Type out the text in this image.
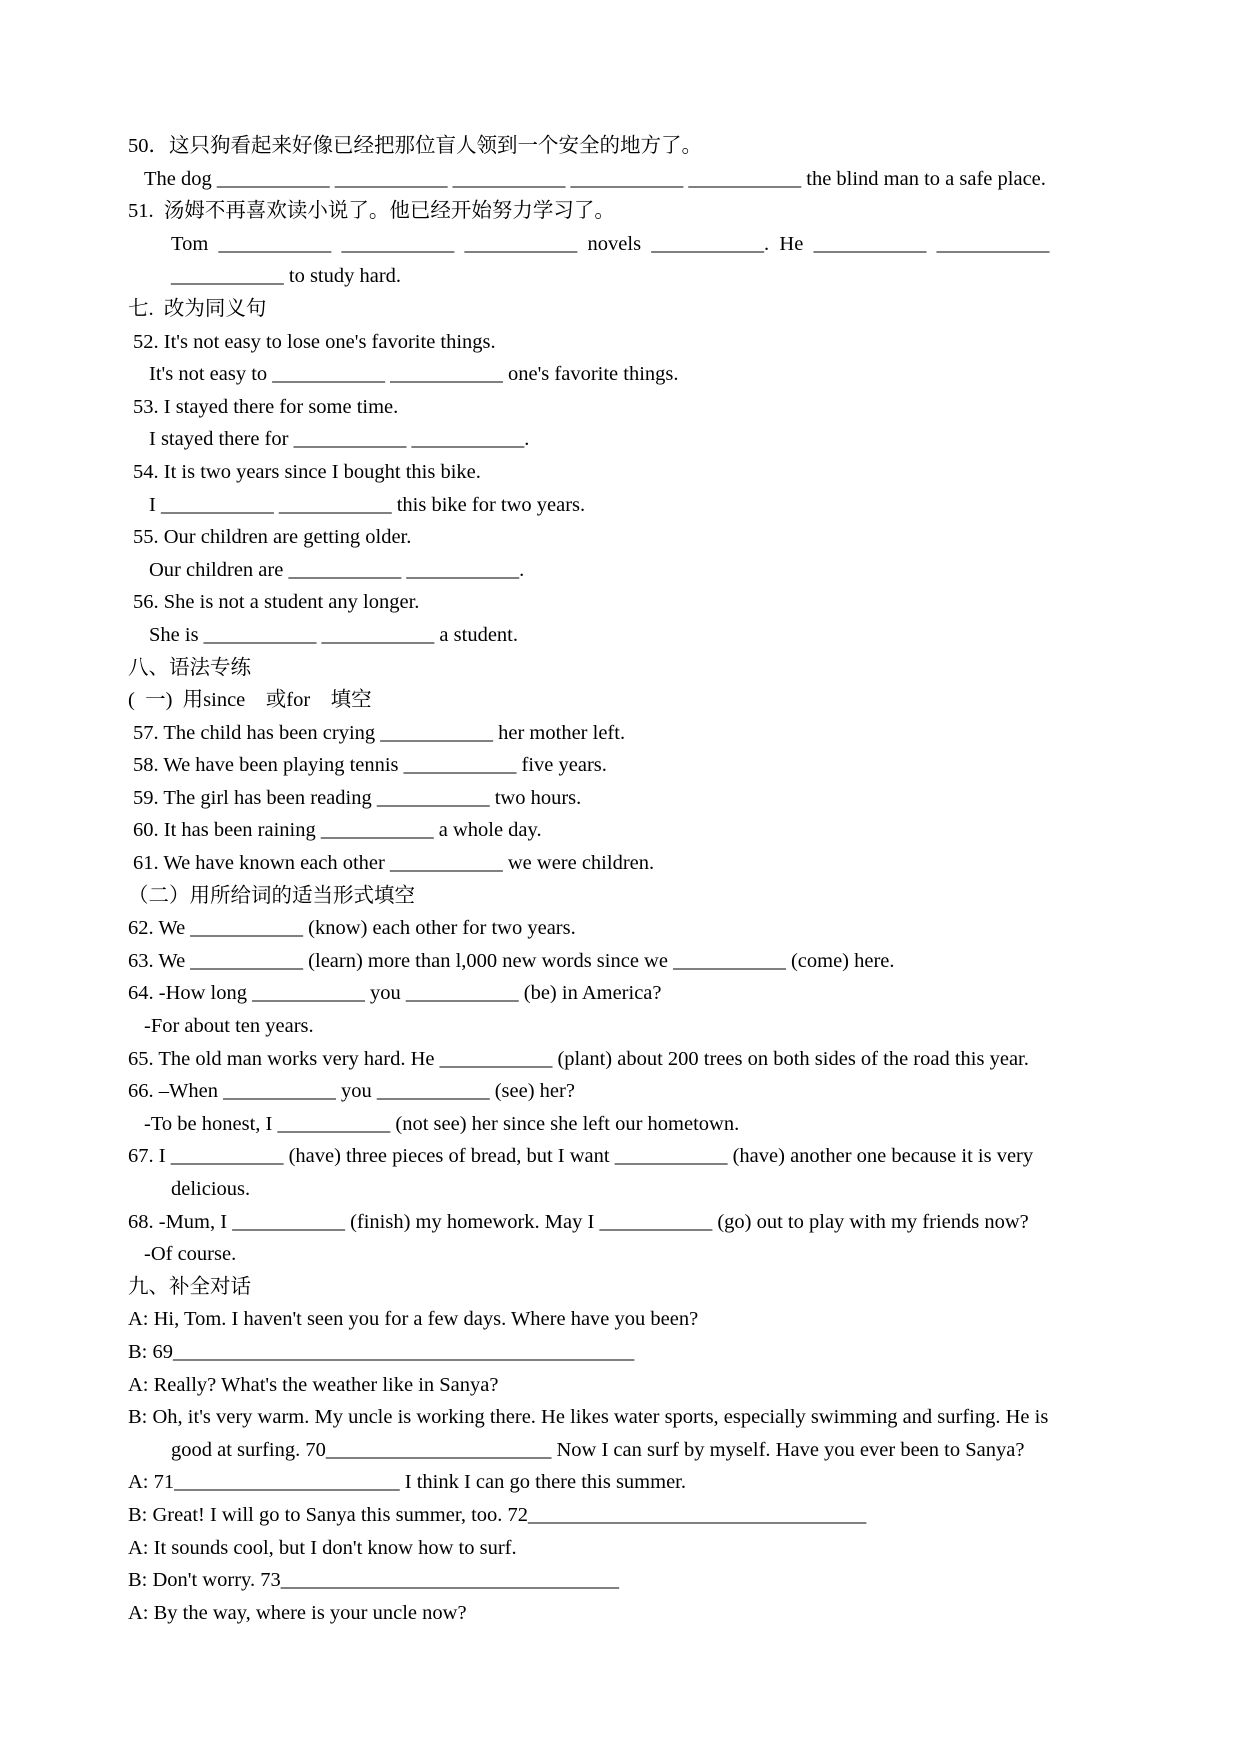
50．这只狗看起来好像已经把那位盲人领到一个安全的地方了。
The dog ___________ ___________ ___________ ___________ ___________ the blind man to a safe place.
51.  汤姆不再喜欢读小说了。他已经开始努力学习了。
Tom  ___________  ___________  ___________  novels  ___________.  He  ___________  ___________
___________ to study hard.
七.  改为同义句
52. It's not easy to lose one's favorite things.
It's not easy to ___________ ___________ one's favorite things.
53. I stayed there for some time.
I stayed there for ___________ ___________.
54. It is two years since I bought this bike.
I ___________ ___________ this bike for two years.
55. Our children are getting older.
Our children are ___________ ___________.
56. She is not a student any longer.
She is ___________ ___________ a student.
八、语法专练
(  一)  用since    或for    填空
57. The child has been crying ___________ her mother left.
58. We have been playing tennis ___________ five years.
59. The girl has been reading ___________ two hours.
60. It has been raining ___________ a whole day.
61. We have known each other ___________ we were children.
（二）用所给词的适当形式填空
62. We ___________ (know) each other for two years.
63. We ___________ (learn) more than l,000 new words since we ___________ (come) here.
64. -How long ___________ you ___________ (be) in America?
-For about ten years.
65. The old man works very hard. He ___________ (plant) about 200 trees on both sides of the road this year.
66. –When ___________ you ___________ (see) her?
-To be honest, I ___________ (not see) her since she left our hometown.
67. I ___________ (have) three pieces of bread, but I want ___________ (have) another one because it is very
delicious.
68. -Mum, I ___________ (finish) my homework. May I ___________ (go) out to play with my friends now?
-Of course.
九、补全对话
A: Hi, Tom. I haven't seen you for a few days. Where have you been?
B: 69_____________________________________________
A: Really? What's the weather like in Sanya?
B: Oh, it's very warm. My uncle is working there. He likes water sports, especially swimming and surfing. He is
good at surfing. 70______________________ Now I can surf by myself. Have you ever been to Sanya?
A: 71______________________ I think I can go there this summer.
B: Great! I will go to Sanya this summer, too. 72_________________________________
A: It sounds cool, but I don't know how to surf.
B: Don't worry. 73_________________________________
A: By the way, where is your uncle now?
